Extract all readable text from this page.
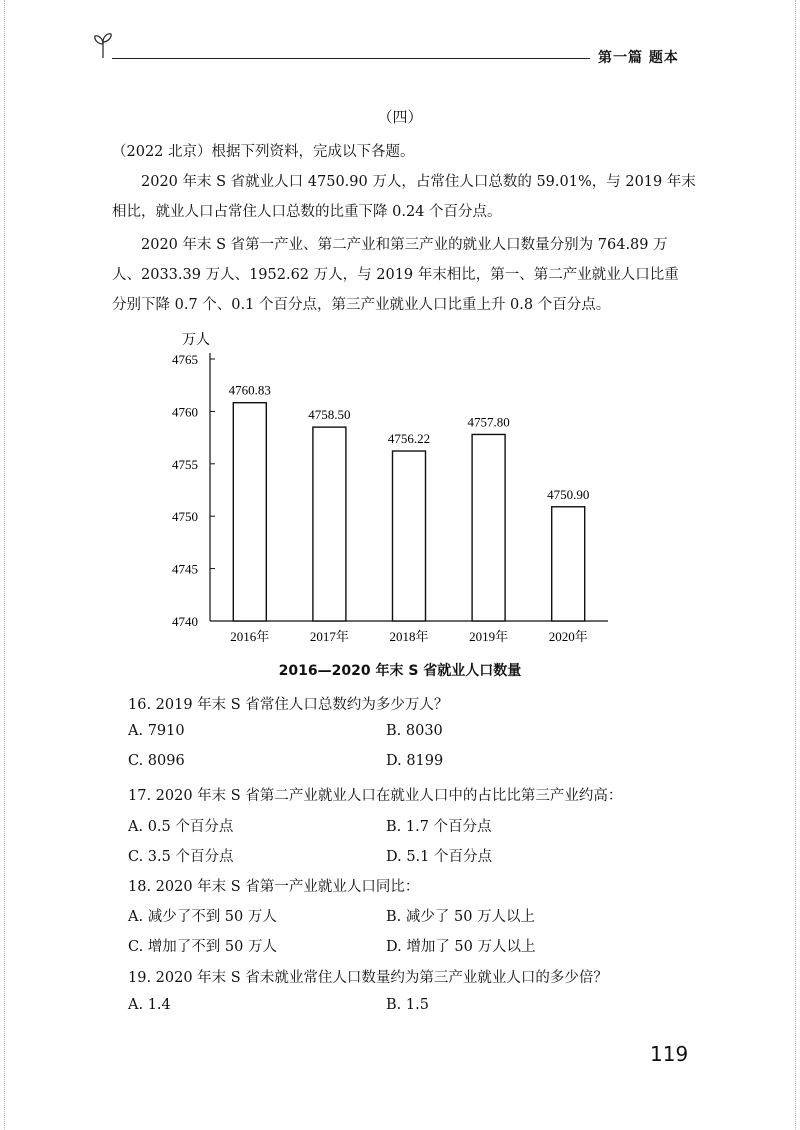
第一篇 题本
（四）

（2022 北京）根据下列资料，完成以下各题。

2020 年末 S 省就业人口 4750.90 万人，占常住人口总数的 59.01%，与 2019 年末
相比，就业人口占常住人口总数的比重下降 0.24 个百分点。

2020 年末 S 省第一产业、第二产业和第三产业的就业人口数量分别为 764.89 万
人、2033.39 万人、1952.62 万人，与 2019 年末相比，第一、第二产业就业人口比重
分别下降 0.7 个、0.1 个百分点，第三产业就业人口比重上升 0.8 个百分点。

万人
4740
4745
4750
4755
4760
4765
4760.83
2016年
4758.50
2017年
4756.22
2018年
4757.80
2019年
4750.90
2020年
2016—2020 年末 S 省就业人口数量
16. 2019 年末 S 省常住人口总数约为多少万人？
A. 7910	B. 8030
C. 8096	D. 8199
17. 2020 年末 S 省第二产业就业人口在就业人口中的占比比第三产业约高：
A. 0.5 个百分点	B. 1.7 个百分点
C. 3.5 个百分点	D. 5.1 个百分点
18. 2020 年末 S 省第一产业就业人口同比：
A. 减少了不到 50 万人	B. 减少了 50 万人以上
C. 增加了不到 50 万人	D. 增加了 50 万人以上
19. 2020 年末 S 省未就业常住人口数量约为第三产业就业人口的多少倍？
A. 1.4	B. 1.5
119
